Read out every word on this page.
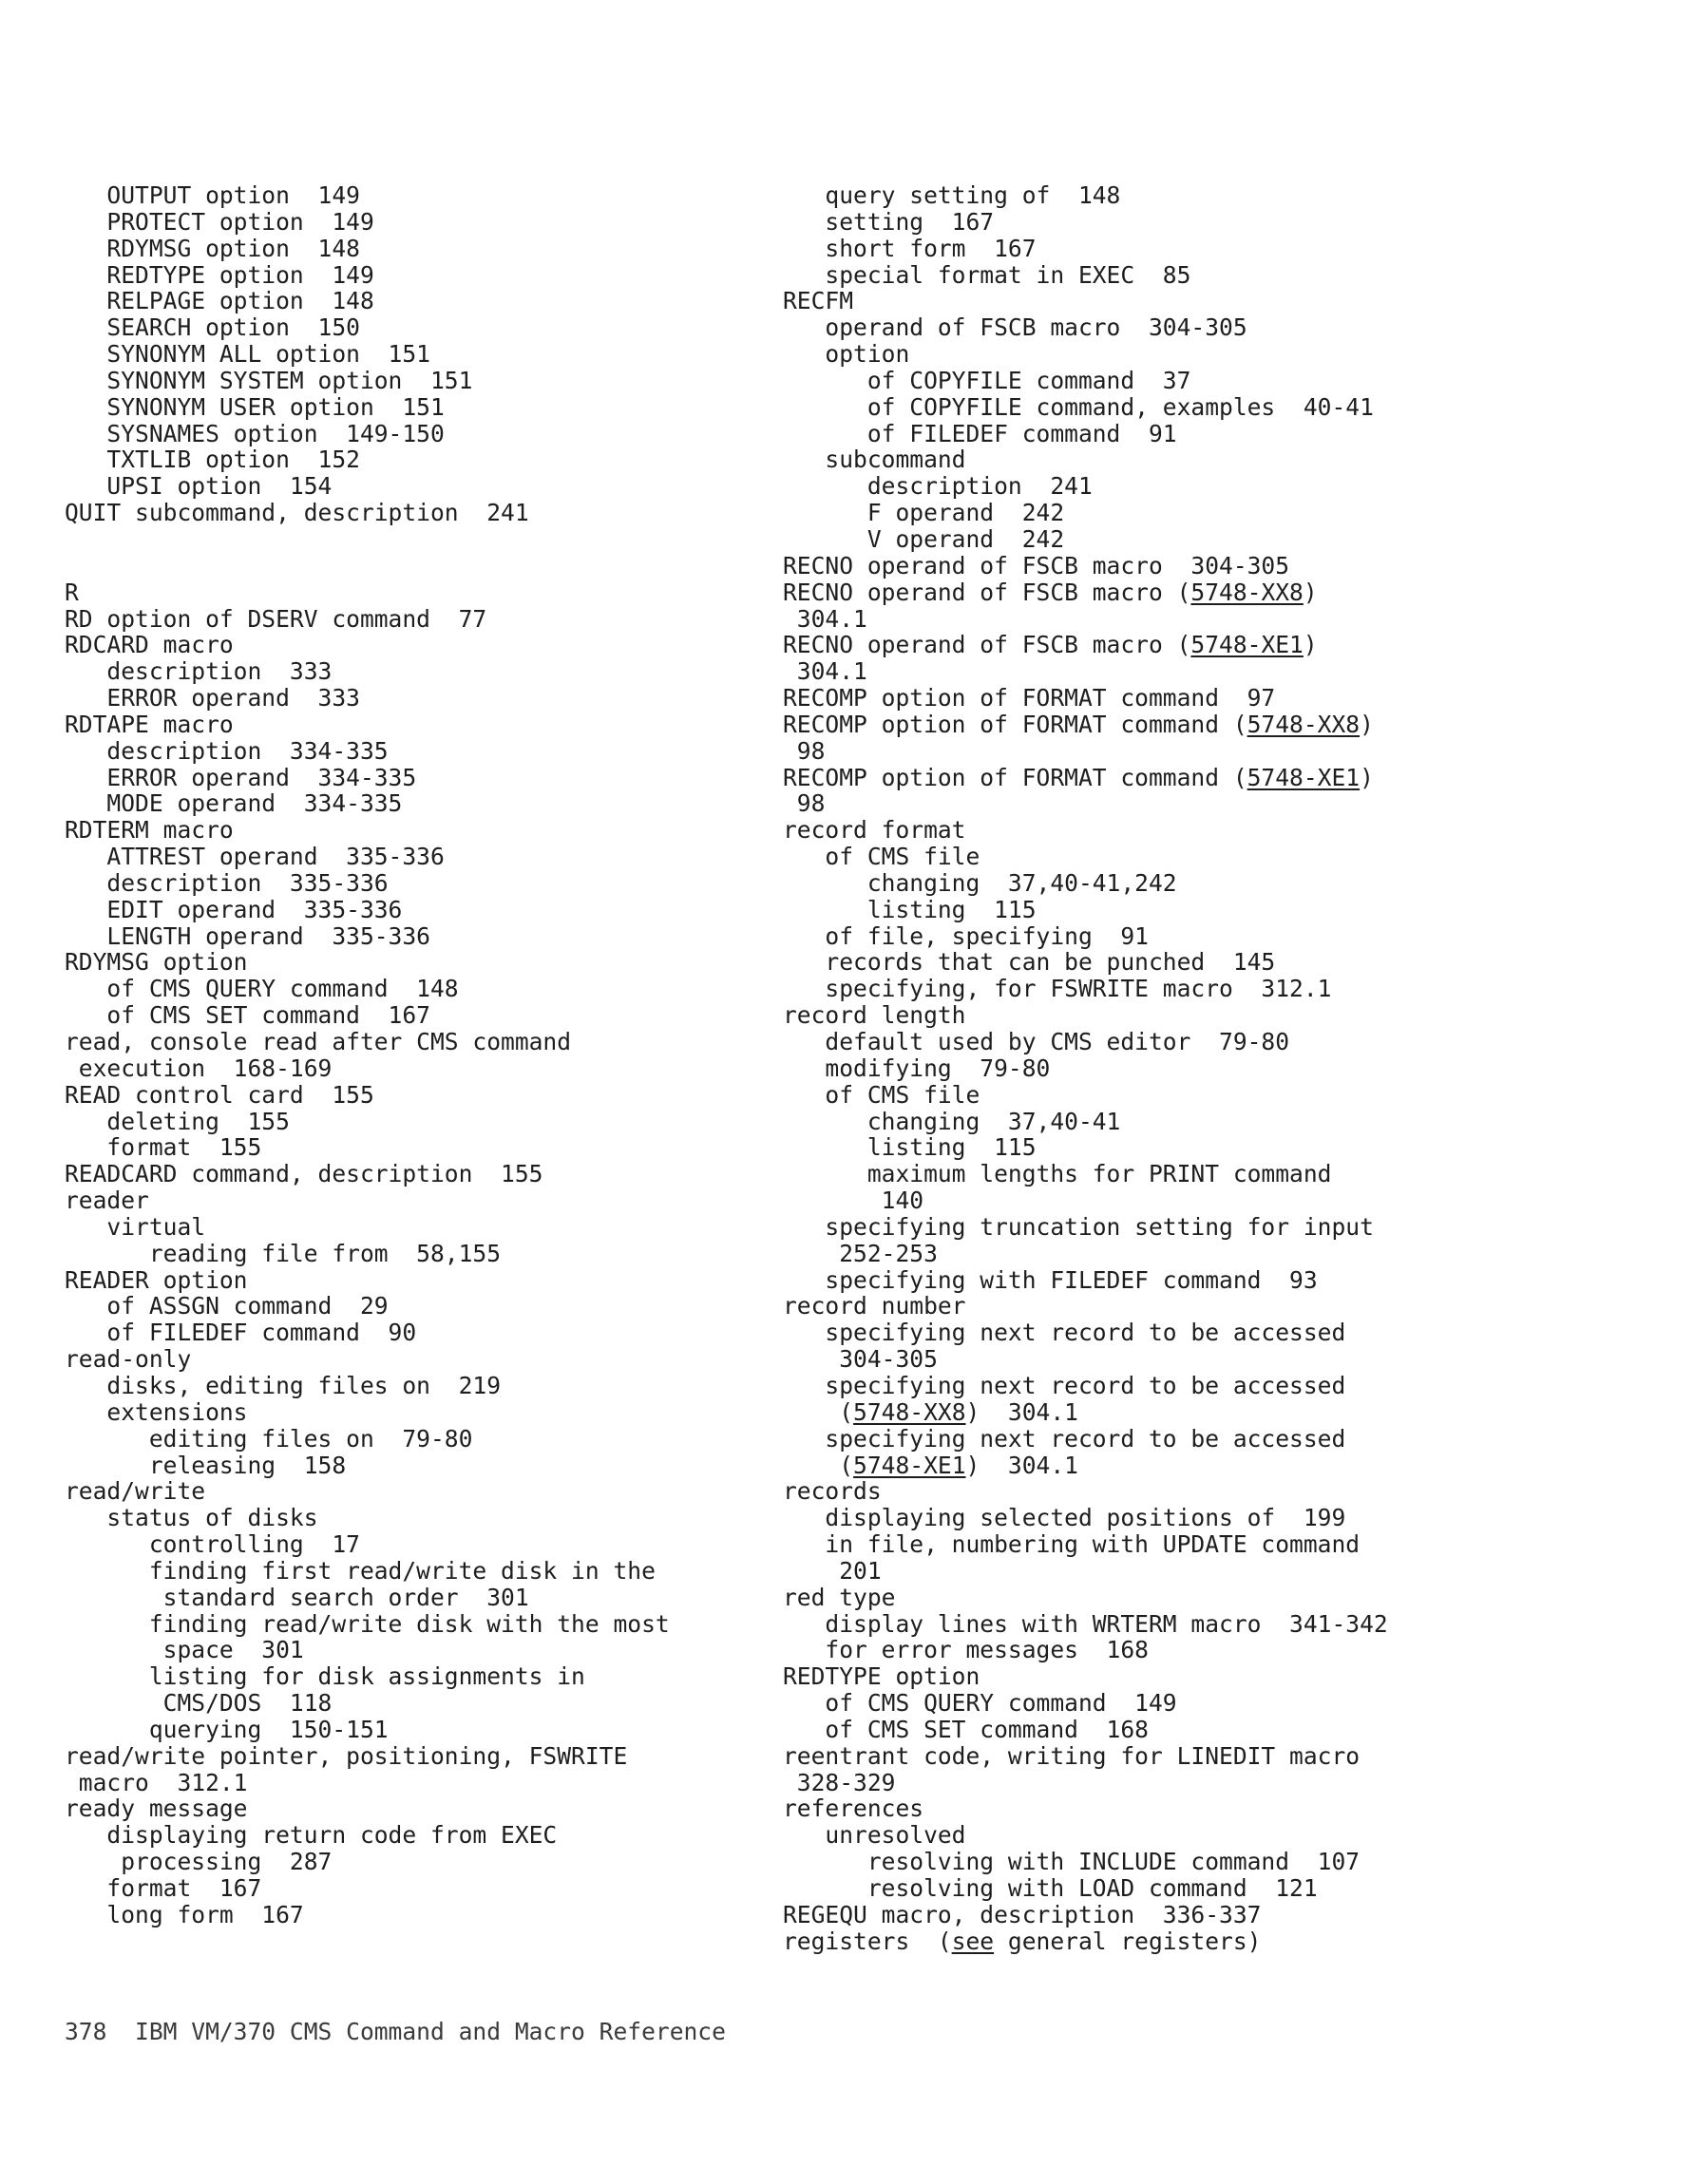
OUTPUT option  149
PROTECT option  149
RDYMSG option  148
REDTYPE option  149
RELPAGE option  148
SEARCH option  150
SYNONYM ALL option  151
SYNONYM SYSTEM option  151
SYNONYM USER option  151
SYSNAMES option  149-150
TXTLIB option  152
UPSI option  154
QUIT subcommand, description  241
R
RD option of DSERV command  77
RDCARD macro
description  333
ERROR operand  333
RDTAPE macro
description  334-335
ERROR operand  334-335
MODE operand  334-335
RDTERM macro
ATTREST operand  335-336
description  335-336
EDIT operand  335-336
LENGTH operand  335-336
RDYMSG option
of CMS QUERY command  148
of CMS SET command  167
read, console read after CMS command
execution  168-169
READ control card  155
deleting  155
format  155
READCARD command, description  155
reader
virtual
reading file from  58,155
READER option
of ASSGN command  29
of FILEDEF command  90
read-only
disks, editing files on  219
extensions
editing files on  79-80
releasing  158
read/write
status of disks
controlling  17
finding first read/write disk in the
standard search order  301
finding read/write disk with the most
space  301
listing for disk assignments in
CMS/DOS  118
querying  150-151
read/write pointer, positioning, FSWRITE
macro  312.1
ready message
displaying return code from EXEC
processing  287
format  167
long form  167
query setting of  148
setting  167
short form  167
special format in EXEC  85
RECFM
operand of FSCB macro  304-305
option
of COPYFILE command  37
of COPYFILE command, examples  40-41
of FILEDEF command  91
subcommand
description  241
F operand  242
V operand  242
RECNO operand of FSCB macro  304-305
RECNO operand of FSCB macro (5748-XX8)
304.1
RECNO operand of FSCB macro (5748-XE1)
304.1
RECOMP option of FORMAT command  97
RECOMP option of FORMAT command (5748-XX8)
98
RECOMP option of FORMAT command (5748-XE1)
98
record format
of CMS file
changing  37,40-41,242
listing  115
of file, specifying  91
records that can be punched  145
specifying, for FSWRITE macro  312.1
record length
default used by CMS editor  79-80
modifying  79-80
of CMS file
changing  37,40-41
listing  115
maximum lengths for PRINT command
140
specifying truncation setting for input
252-253
specifying with FILEDEF command  93
record number
specifying next record to be accessed
304-305
specifying next record to be accessed
(5748-XX8)  304.1
specifying next record to be accessed
(5748-XE1)  304.1
records
displaying selected positions of  199
in file, numbering with UPDATE command
201
red type
display lines with WRTERM macro  341-342
for error messages  168
REDTYPE option
of CMS QUERY command  149
of CMS SET command  168
reentrant code, writing for LINEDIT macro
328-329
references
unresolved
resolving with INCLUDE command  107
resolving with LOAD command  121
REGEQU macro, description  336-337
registers  (see general registers)
378  IBM VM/370 CMS Command and Macro Reference
